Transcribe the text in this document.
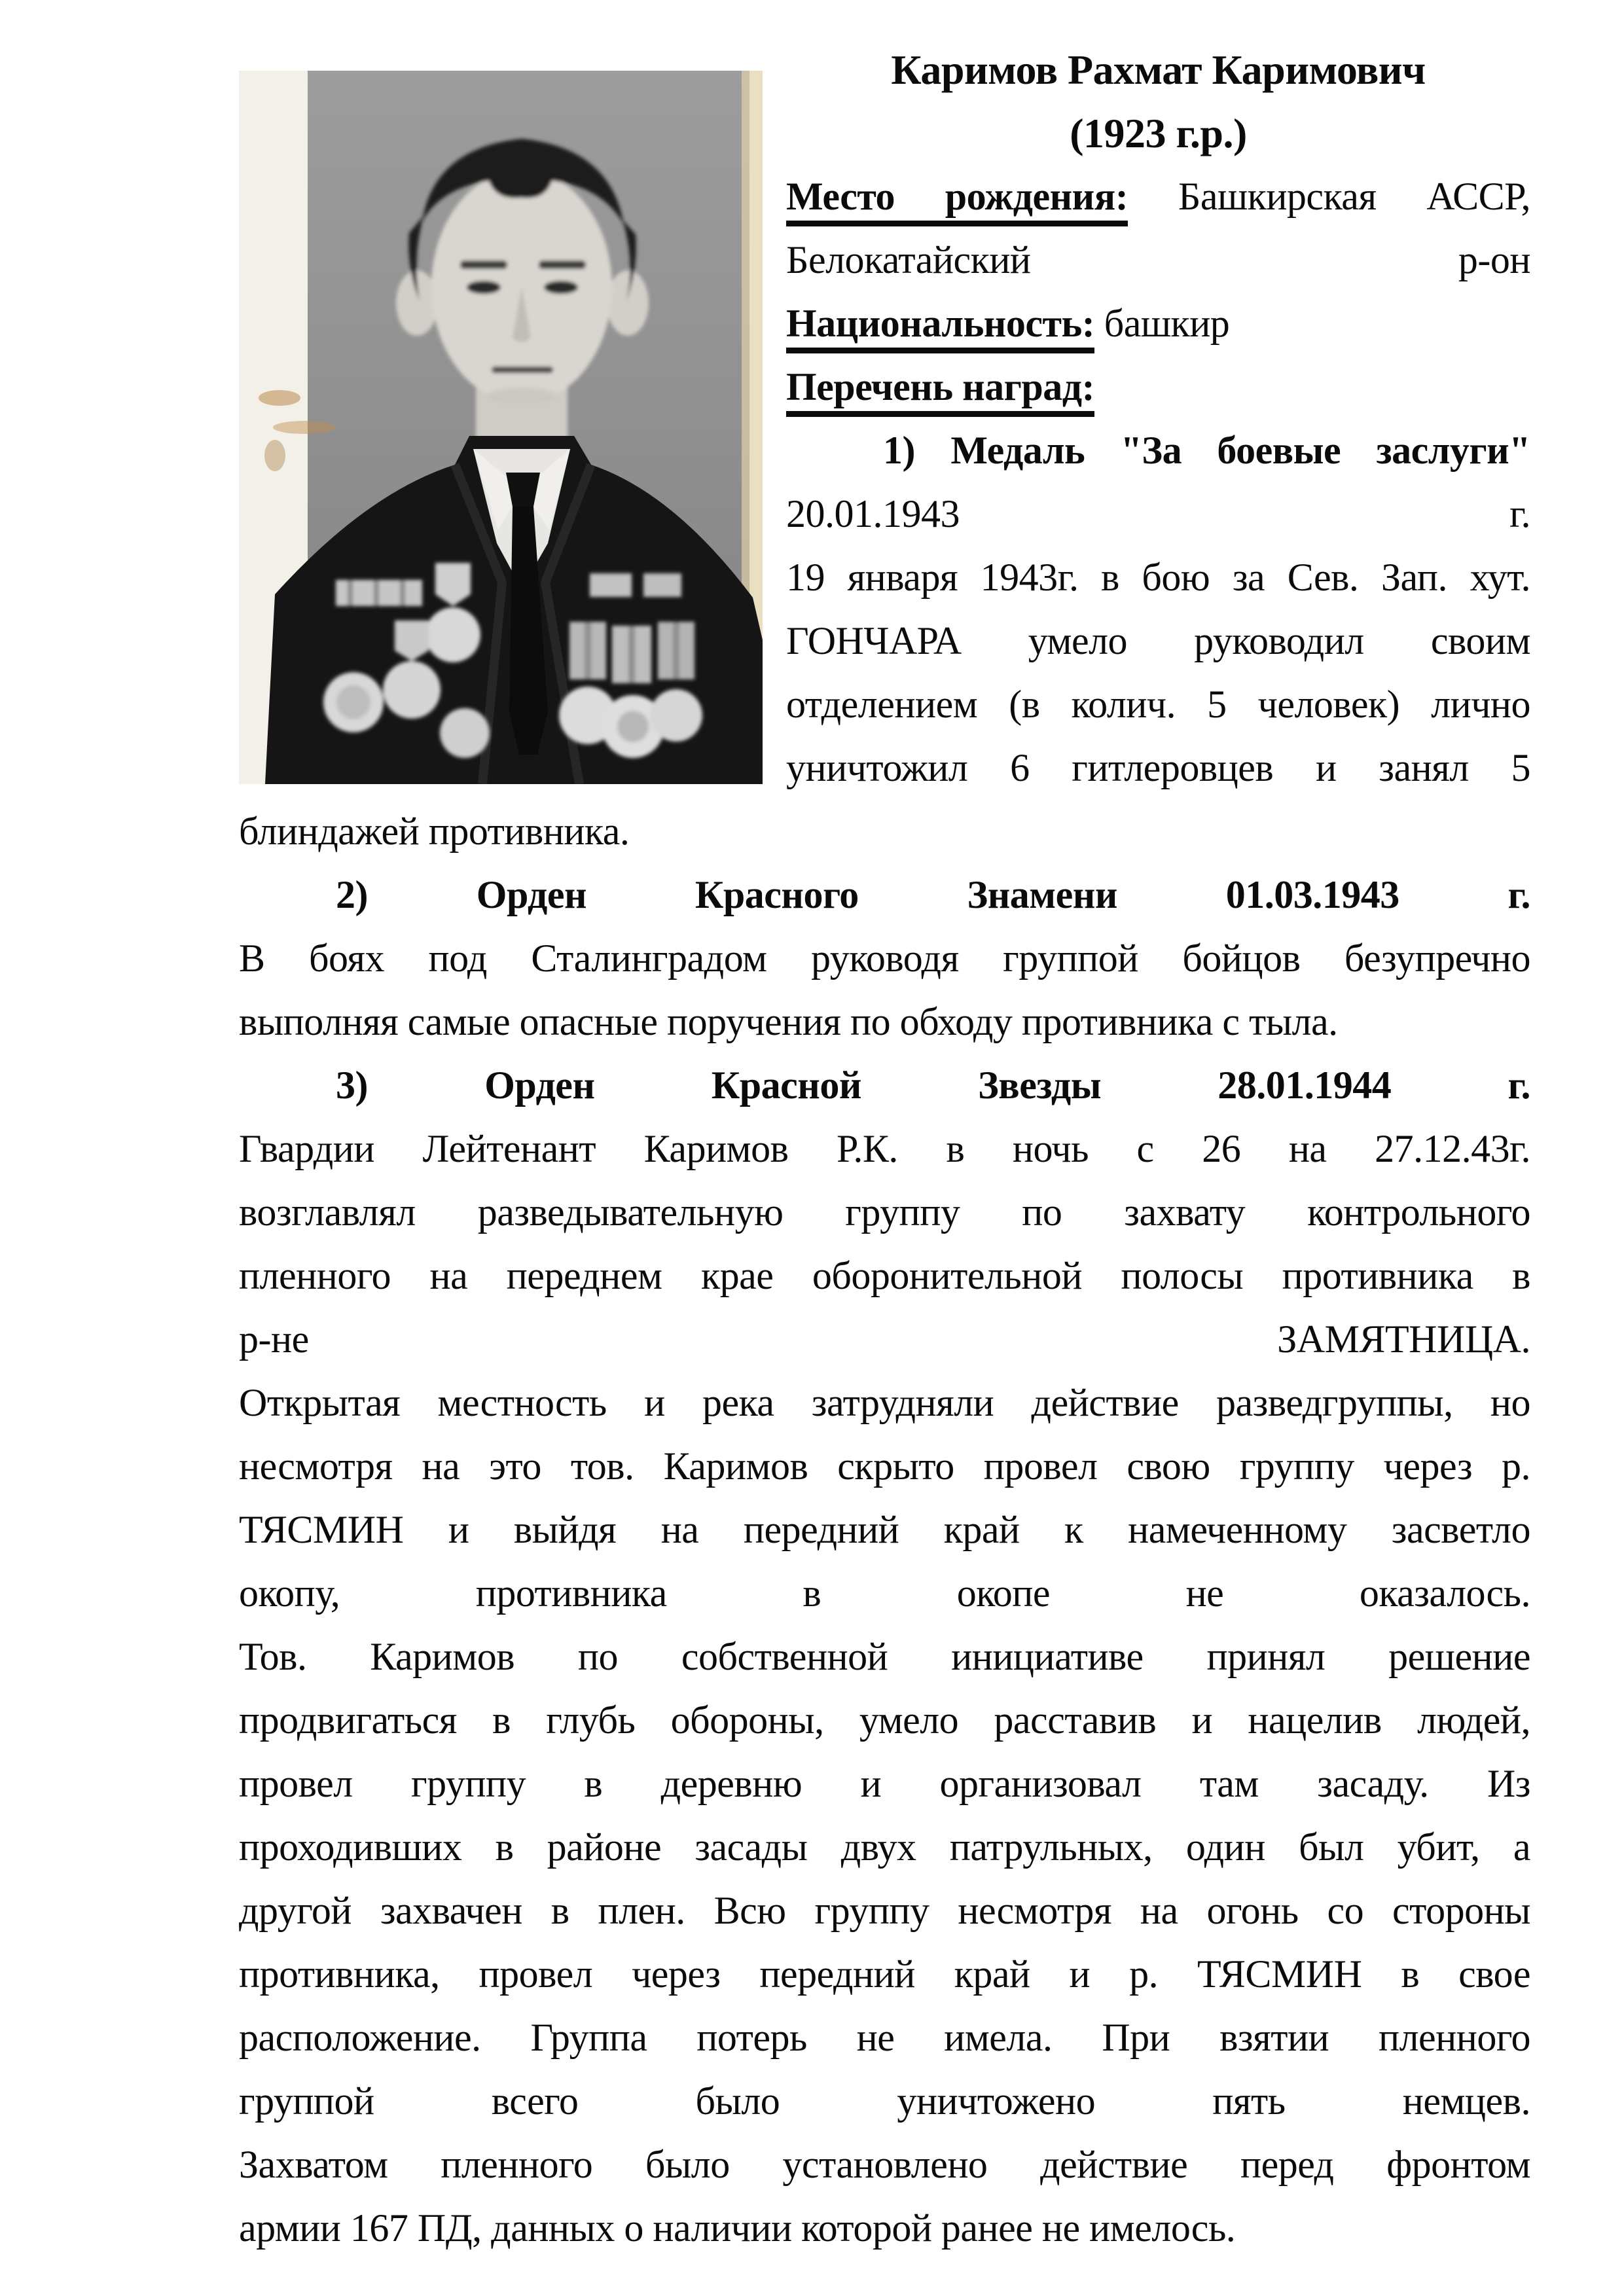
Каримов Рахмат Каримович
(1923 г.р.)
Место рождения: Башкирская АССР,
Белокатайский р-он
Национальность: башкир
Перечень наград:
1) Медаль "За боевые заслуги"
20.01.1943 г.
19 января 1943г. в бою за Сев. Зап. хут.
ГОНЧАРА умело руководил своим
отделением (в колич. 5 человек) лично
уничтожил 6 гитлеровцев и занял 5
блиндажей противника.
2) Орден Красного Знамени 01.03.1943 г.
В боях под Сталинградом руководя группой бойцов безупречно
выполняя самые опасные поручения по обходу противника с тыла.
3) Орден Красной Звезды 28.01.1944 г.
Гвардии Лейтенант Каримов Р.К. в ночь с 26 на 27.12.43г.
возглавлял разведывательную группу по захвату контрольного
пленного на переднем крае оборонительной полосы противника в
р-не ЗАМЯТНИЦА.
Открытая местность и река затрудняли действие разведгруппы, но
несмотря на это тов. Каримов скрыто провел свою группу через р.
ТЯСМИН и выйдя на передний край к намеченному засветло
окопу, противника в окопе не оказалось.
Тов. Каримов по собственной инициативе принял решение
продвигаться в глубь обороны, умело расставив и нацелив людей,
провел группу в деревню и организовал там засаду. Из
проходивших в районе засады двух патрульных, один был убит, а
другой захвачен в плен. Всю группу несмотря на огонь со стороны
противника, провел через передний край и р. ТЯСМИН в свое
расположение. Группа потерь не имела. При взятии пленного
группой всего было уничтожено пять немцев.
Захватом пленного было установлено действие перед фронтом
армии 167 ПД, данных о наличии которой ранее не имелось.
